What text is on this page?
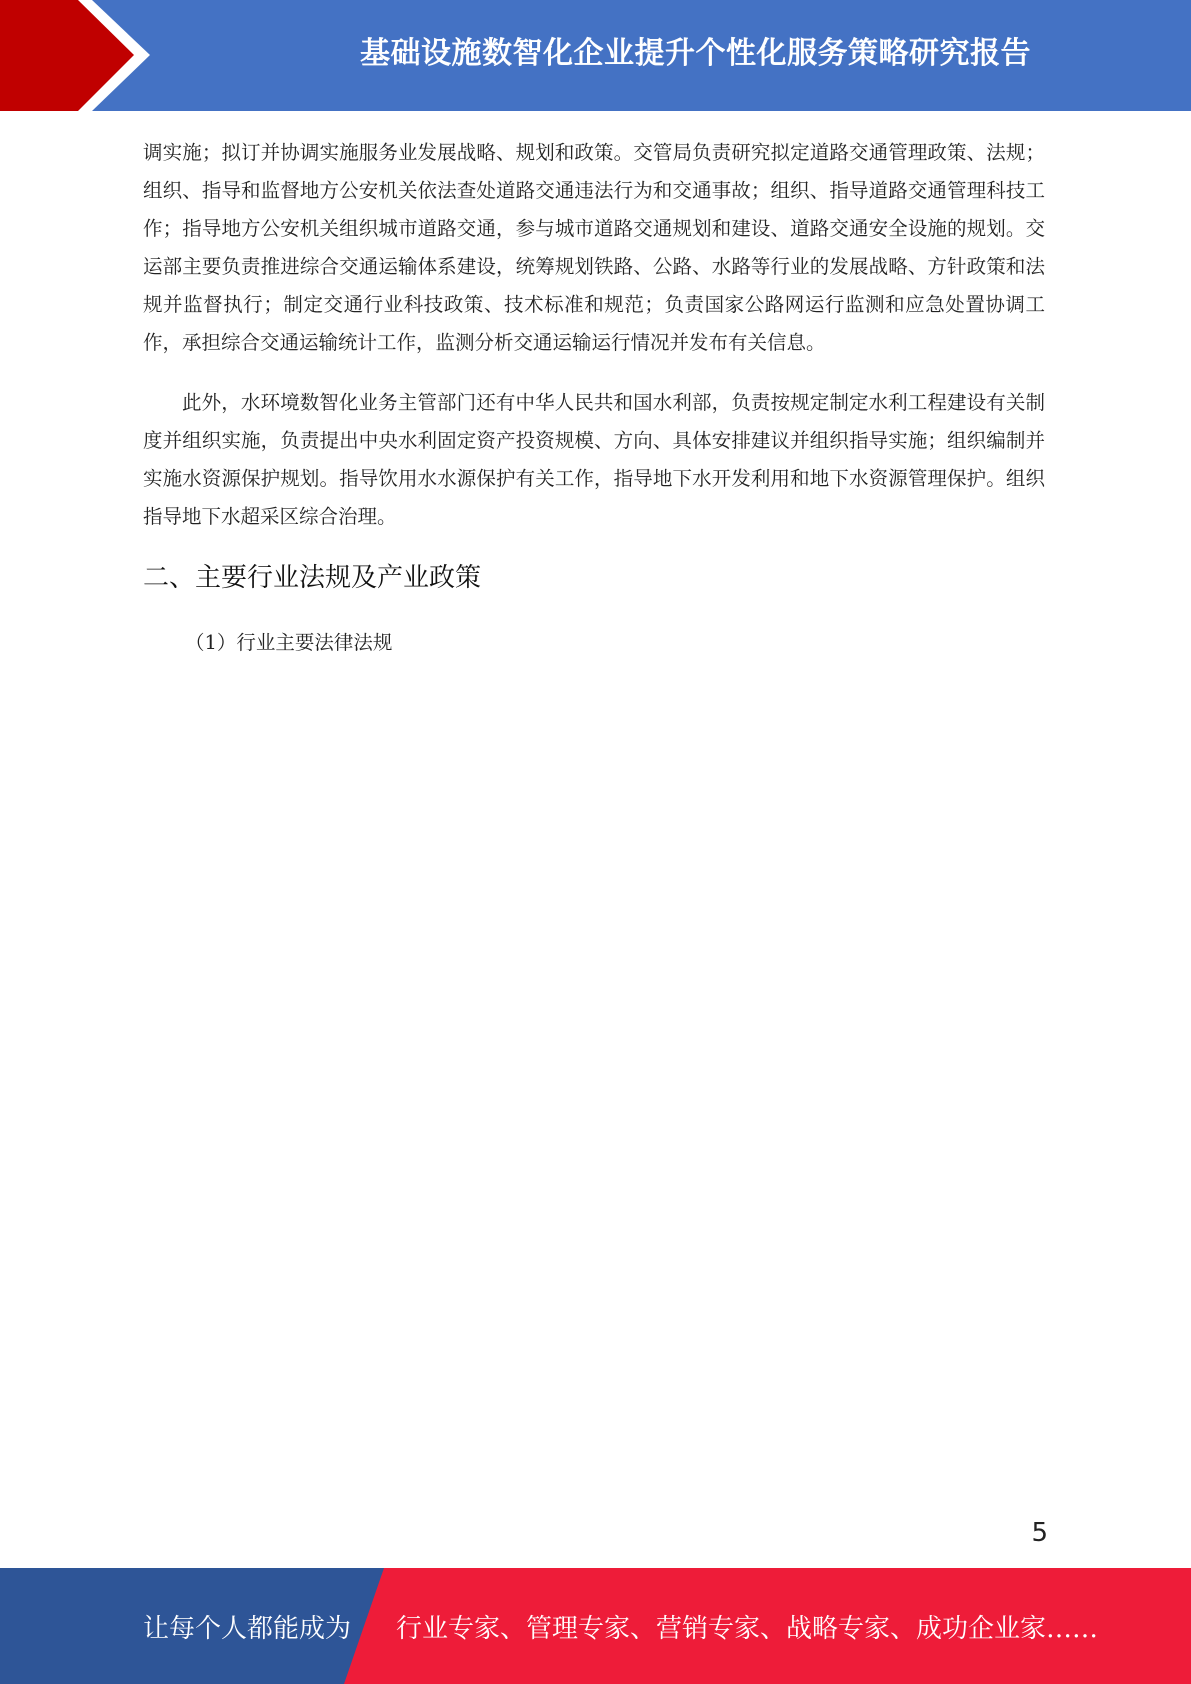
基础设施数智化企业提升个性化服务策略研究报告

调实施；拟订并协调实施服务业发展战略、规划和政策。交管局负责研究拟定道路交通管理政策、法规；组织、指导和监督地方公安机关依法查处道路交通违法行为和交通事故；组织、指导道路交通管理科技工作；指导地方公安机关组织城市道路交通，参与城市道路交通规划和建设、道路交通安全设施的规划。交运部主要负责推进综合交通运输体系建设，统筹规划铁路、公路、水路等行业的发展战略、方针政策和法规并监督执行；制定交通行业科技政策、技术标准和规范；负责国家公路网运行监测和应急处置协调工作，承担综合交通运输统计工作，监测分析交通运输运行情况并发布有关信息。

此外，水环境数智化业务主管部门还有中华人民共和国水利部，负责按规定制定水利工程建设有关制度并组织实施，负责提出中央水利固定资产投资规模、方向、具体安排建议并组织指导实施；组织编制并实施水资源保护规划。指导饮用水水源保护有关工作，指导地下水开发利用和地下水资源管理保护。组织指导地下水超采区综合治理。

二、主要行业法规及产业政策

（1）行业主要法律法规

5
让每个人都能成为 行业专家、管理专家、营销专家、战略专家、成功企业家……
